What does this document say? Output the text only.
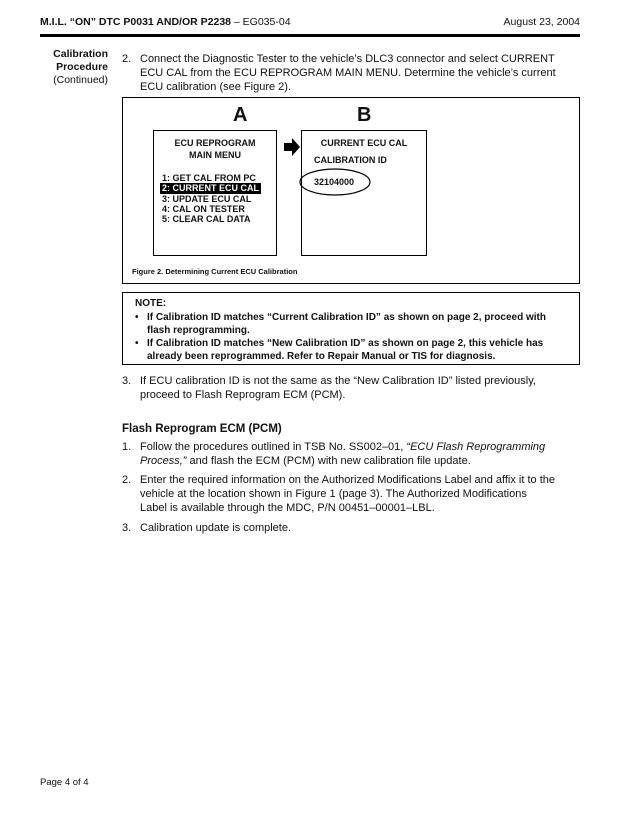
M.I.L. “ON” DTC P0031 AND/OR P2238 – EG035-04	August 23, 2004
Calibration
Procedure
(Continued)
2. Connect the Diagnostic Tester to the vehicle’s DLC3 connector and select CURRENT
ECU CAL from the ECU REPROGRAM MAIN MENU. Determine the vehicle’s current
ECU calibration (see Figure 2).
A	B
ECU REPROGRAM
MAIN MENU
1: GET CAL FROM PC
2: CURRENT ECU CAL
3: UPDATE ECU CAL
4: CAL ON TESTER
5: CLEAR CAL DATA
CURRENT ECU CAL
CALIBRATION ID
32104000
Figure 2. Determining Current ECU Calibration
NOTE:
• If Calibration ID matches “Current Calibration ID” as shown on page 2, proceed with
flash reprogramming.
• If Calibration ID matches “New Calibration ID” as shown on page 2, this vehicle has
already been reprogrammed. Refer to Repair Manual or TIS for diagnosis.
3. If ECU calibration ID is not the same as the “New Calibration ID” listed previously,
proceed to Flash Reprogram ECM (PCM).
Flash Reprogram ECM (PCM)
1. Follow the procedures outlined in TSB No. SS002–01, “ECU Flash Reprogramming
Process,” and flash the ECM (PCM) with new calibration file update.
2. Enter the required information on the Authorized Modifications Label and affix it to the
vehicle at the location shown in Figure 1 (page 3). The Authorized Modifications
Label is available through the MDC, P/N 00451–00001–LBL.
3. Calibration update is complete.
Page 4 of 4
